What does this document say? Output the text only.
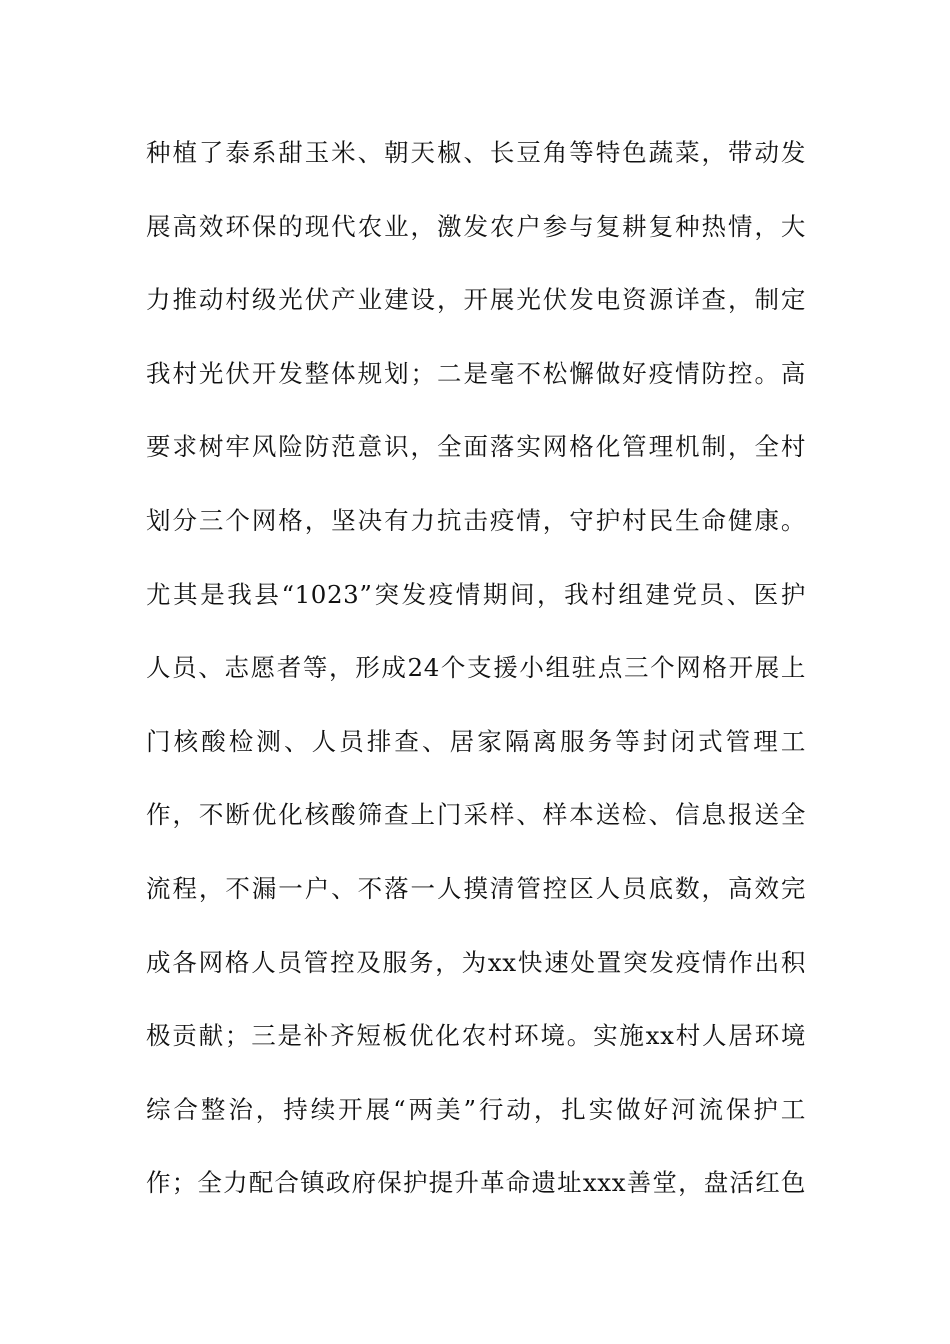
种植了泰系甜玉米、朝天椒、长豆角等特色蔬菜，带动发
展高效环保的现代农业，激发农户参与复耕复种热情，大
力推动村级光伏产业建设，开展光伏发电资源详查，制定
我村光伏开发整体规划；二是毫不松懈做好疫情防控。高
要求树牢风险防范意识，全面落实网格化管理机制，全村
划分三个网格，坚决有力抗击疫情，守护村民生命健康。
尤其是我县“1023”突发疫情期间，我村组建党员、医护
人员、志愿者等，形成24个支援小组驻点三个网格开展上
门核酸检测、人员排查、居家隔离服务等封闭式管理工
作，不断优化核酸筛查上门采样、样本送检、信息报送全
流程，不漏一户、不落一人摸清管控区人员底数，高效完
成各网格人员管控及服务，为xx快速处置突发疫情作出积
极贡献；三是补齐短板优化农村环境。实施xx村人居环境
综合整治，持续开展“两美”行动，扎实做好河流保护工
作；全力配合镇政府保护提升革命遗址xxx善堂，盘活红色
